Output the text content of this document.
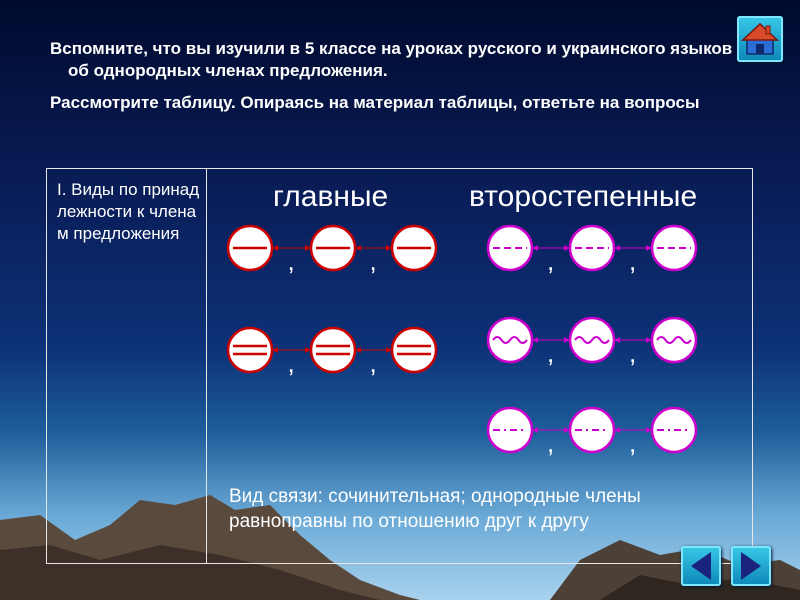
Вспомните, что вы изучили в 5 классе на уроках русского и украинского языков об однородных членах предложения.

Рассмотрите таблицу. Опираясь на материал таблицы, ответьте на вопросы

I. Виды по принадлежности к членам предложения
главные	второстепенные
,	,
,	,
,	,
,	,
,	,
Вид связи: сочинительная; однородные члены равноправны по отношению друг к другу
